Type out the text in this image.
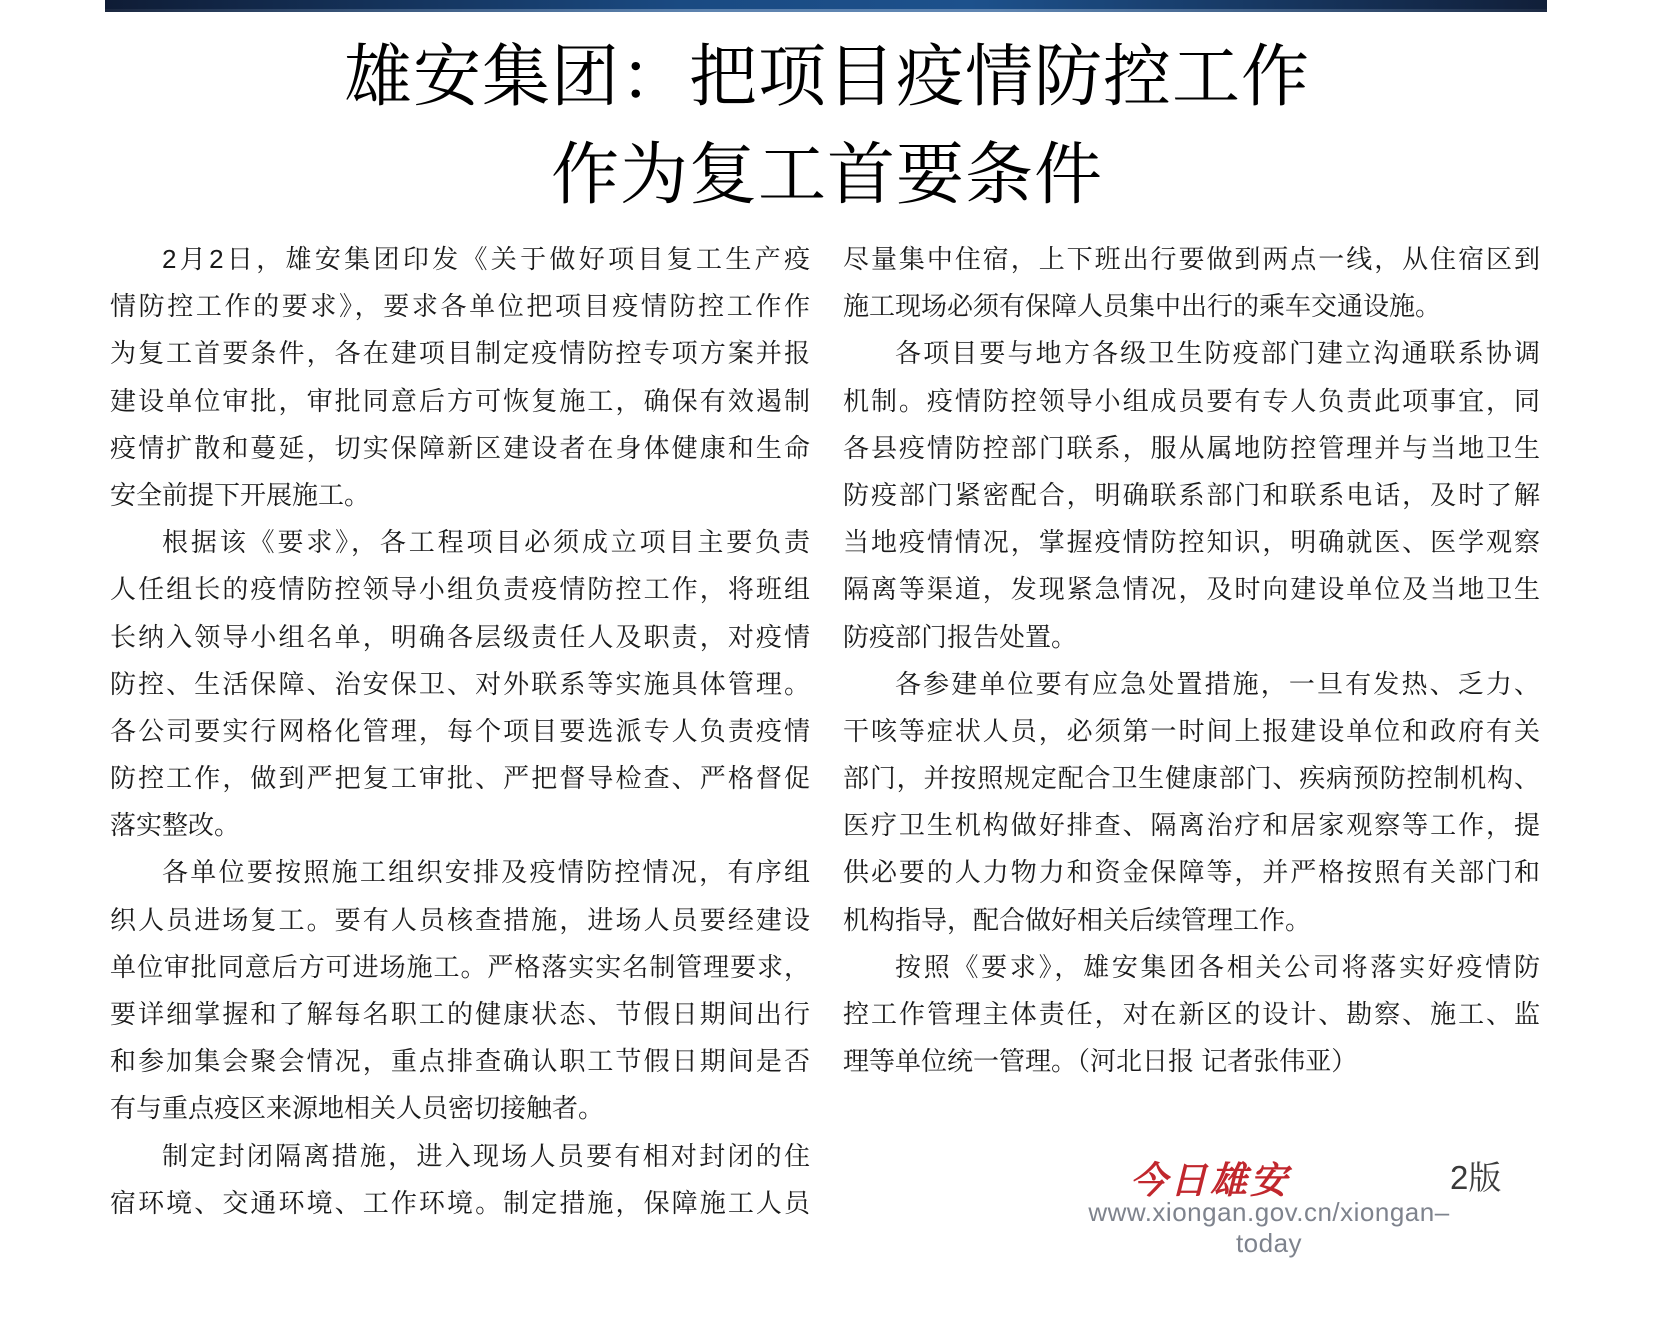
雄安集团：把项目疫情防控工作
作为复工首要条件
2月2日，雄安集团印发《关于做好项目复工生产疫
情防控工作的要求》，要求各单位把项目疫情防控工作作
为复工首要条件，各在建项目制定疫情防控专项方案并报
建设单位审批，审批同意后方可恢复施工，确保有效遏制
疫情扩散和蔓延，切实保障新区建设者在身体健康和生命
安全前提下开展施工。
根据该《要求》，各工程项目必须成立项目主要负责
人任组长的疫情防控领导小组负责疫情防控工作，将班组
长纳入领导小组名单，明确各层级责任人及职责，对疫情
防控、生活保障、治安保卫、对外联系等实施具体管理。
各公司要实行网格化管理，每个项目要选派专人负责疫情
防控工作，做到严把复工审批、严把督导检查、严格督促
落实整改。
各单位要按照施工组织安排及疫情防控情况，有序组
织人员进场复工。要有人员核查措施，进场人员要经建设
单位审批同意后方可进场施工。严格落实实名制管理要求，
要详细掌握和了解每名职工的健康状态、节假日期间出行
和参加集会聚会情况，重点排查确认职工节假日期间是否
有与重点疫区来源地相关人员密切接触者。
制定封闭隔离措施，进入现场人员要有相对封闭的住
宿环境、交通环境、工作环境。制定措施，保障施工人员
尽量集中住宿，上下班出行要做到两点一线，从住宿区到
施工现场必须有保障人员集中出行的乘车交通设施。
各项目要与地方各级卫生防疫部门建立沟通联系协调
机制。疫情防控领导小组成员要有专人负责此项事宜，同
各县疫情防控部门联系，服从属地防控管理并与当地卫生
防疫部门紧密配合，明确联系部门和联系电话，及时了解
当地疫情情况，掌握疫情防控知识，明确就医、医学观察
隔离等渠道，发现紧急情况，及时向建设单位及当地卫生
防疫部门报告处置。
各参建单位要有应急处置措施，一旦有发热、乏力、
干咳等症状人员，必须第一时间上报建设单位和政府有关
部门，并按照规定配合卫生健康部门、疾病预防控制机构、
医疗卫生机构做好排查、隔离治疗和居家观察等工作，提
供必要的人力物力和资金保障等，并严格按照有关部门和
机构指导，配合做好相关后续管理工作。
按照《要求》，雄安集团各相关公司将落实好疫情防
控工作管理主体责任，对在新区的设计、勘察、施工、监
理等单位统一管理。（河北日报 记者张伟亚）
今日雄安	2版
www.xiongan.gov.cn/xiongan–today
